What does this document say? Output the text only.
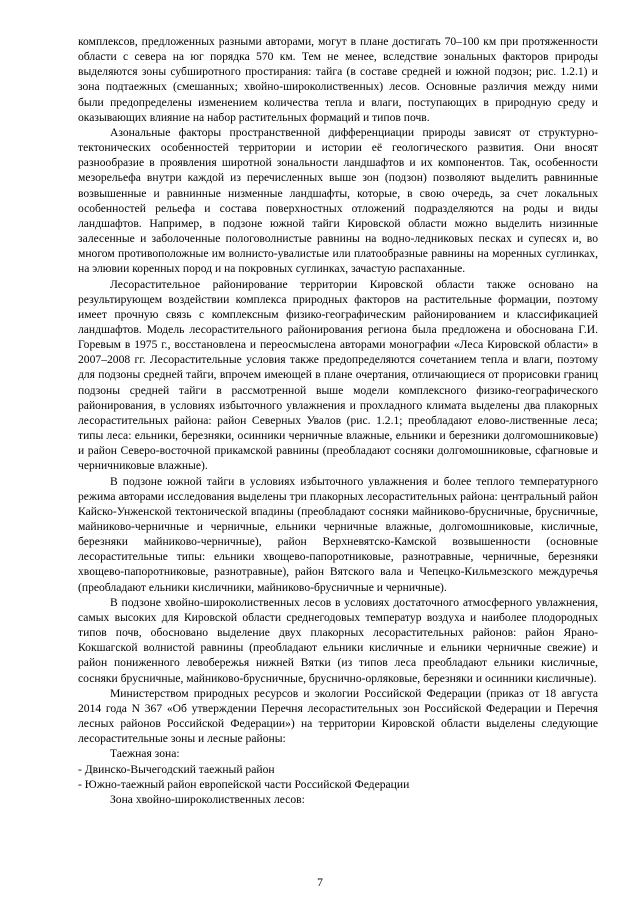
комплексов, предложенных разными авторами, могут в плане достигать 70–100 км при протяженности области с севера на юг порядка 570 км. Тем не менее, вследствие зональных факторов природы выделяются зоны субширотного простирания: тайга (в составе средней и южной подзон; рис. 1.2.1) и зона подтаежных (смешанных; хвойно-широколиственных) лесов. Основные различия между ними были предопределены изменением количества тепла и влаги, поступающих в природную среду и оказывающих влияние на набор растительных формаций и типов почв.

Азональные факторы пространственной дифференциации природы зависят от структурно-тектонических особенностей территории и истории её геологического развития. Они вносят разнообразие в проявления широтной зональности ландшафтов и их компонентов. Так, особенности мезорельефа внутри каждой из перечисленных выше зон (подзон) позволяют выделить равнинные возвышенные и равнинные низменные ландшафты, которые, в свою очередь, за счет локальных особенностей рельефа и состава поверхностных отложений подразделяются на роды и виды ландшафтов. Например, в подзоне южной тайги Кировской области можно выделить низинные залесенные и заболоченные пологоволнистые равнины на водно-ледниковых песках и супесях и, во многом противоположные им волнисто-увалистые или платообразные равнины на моренных суглинках, на элювии коренных пород и на покровных суглинках, зачастую распаханные.

Лесорастительное районирование территории Кировской области также основано на результирующем воздействии комплекса природных факторов на растительные формации, поэтому имеет прочную связь с комплексным физико-географическим районированием и классификацией ландшафтов. Модель лесорастительного районирования региона была предложена и обоснована Г.И. Горевым в 1975 г., восстановлена и переосмыслена авторами монографии «Леса Кировской области» в 2007–2008 гг. Лесорастительные условия также предопределяются сочетанием тепла и влаги, поэтому для подзоны средней тайги, впрочем имеющей в плане очертания, отличающиеся от прорисовки границ подзоны средней тайги в рассмотренной выше модели комплексного физико-географического районирования, в условиях избыточного увлажнения и прохладного климата выделены два плакорных лесорастительных района: район Северных Увалов (рис. 1.2.1; преобладают елово-лиственные леса; типы леса: ельники, березняки, осинники черничные влажные, ельники и березники долгомошниковые) и район Северо-восточной прикамской равнины (преобладают сосняки долгомошниковые, сфагновые и черничниковые влажные).

В подзоне южной тайги в условиях избыточного увлажнения и более теплого температурного режима авторами исследования выделены три плакорных лесорастительных района: центральный район Кайско-Унженской тектонической впадины (преобладают сосняки майниково-брусничные, брусничные, майниково-черничные и черничные, ельники черничные влажные, долгомошниковые, кисличные, березняки майниково-черничные), район Верхневятско-Камской возвышенности (основные лесорастительные типы: ельники хвощево-папоротниковые, разнотравные, черничные, березняки хвощево-папоротниковые, разнотравные), район Вятского вала и Чепецко-Кильмезского междуречья (преобладают ельники кисличники, майниково-брусничные и черничные).

В подзоне хвойно-широколиственных лесов в условиях достаточного атмосферного увлажнения, самых высоких для Кировской области среднегодовых температур воздуха и наиболее плодородных типов почв, обосновано выделение двух плакорных лесорастительных районов: район Ярано-Кокшагской волнистой равнины (преобладают ельники кисличные и ельники черничные свежие) и район пониженного левобережья нижней Вятки (из типов леса преобладают ельники кисличные, сосняки брусничные, майниково-брусничные, бруснично-орляковые, березняки и осинники кисличные).

Министерством природных ресурсов и экологии Российской Федерации (приказ от 18 августа 2014 года N 367 «Об утверждении Перечня лесорастительных зон Российской Федерации и Перечня лесных районов Российской Федерации») на территории Кировской области выделены следующие лесорастительные зоны и лесные районы:

Таежная зона:

- Двинско-Вычегодский таежный район

- Южно-таежный район европейской части Российской Федерации

Зона хвойно-широколиственных лесов:

7
